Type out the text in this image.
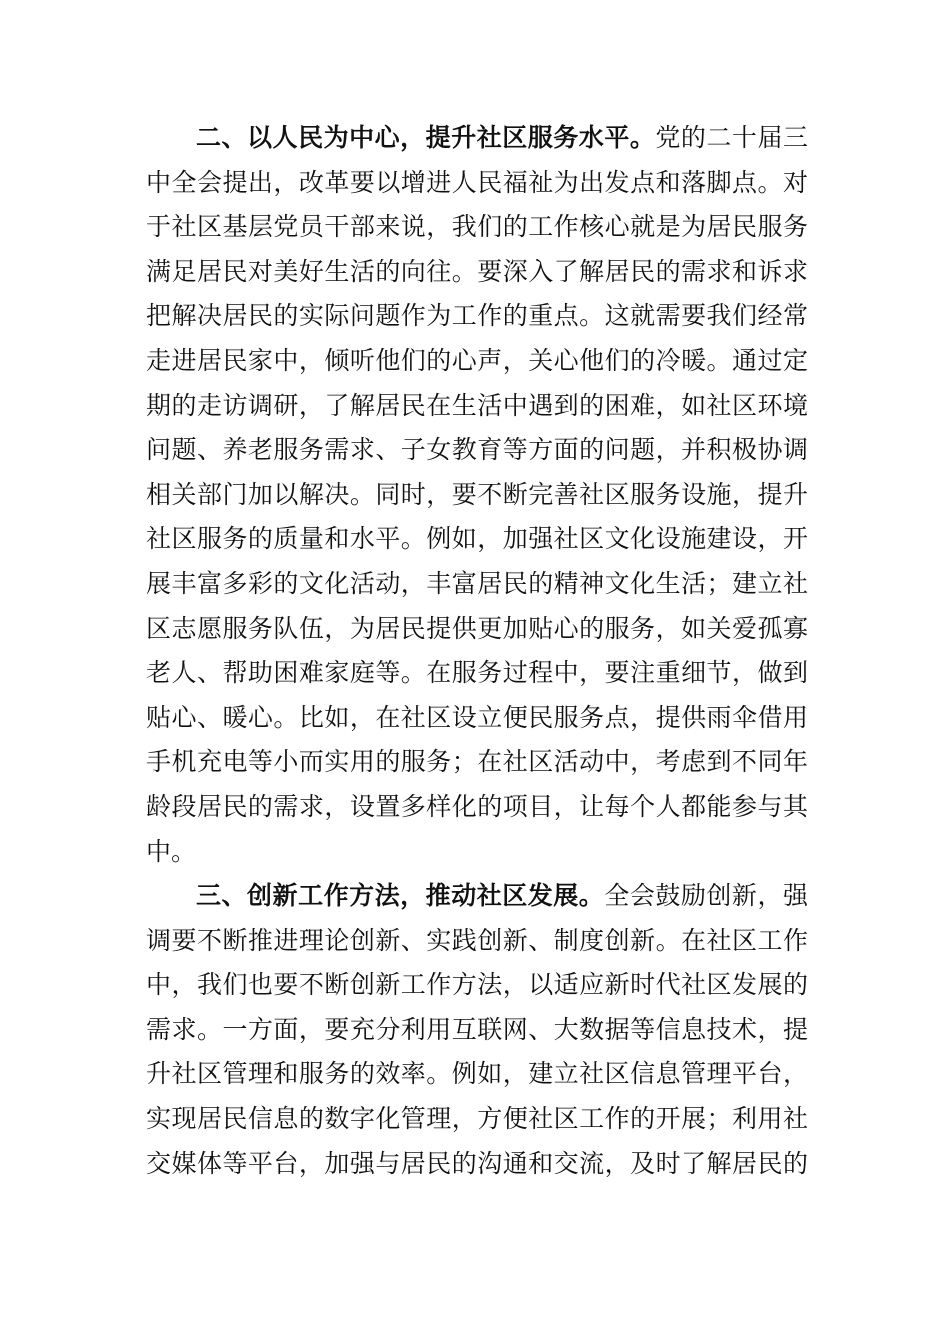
二、以人民为中心，提升社区服务水平。党的二十届三
中全会提出，改革要以增进人民福祉为出发点和落脚点。对
于社区基层党员干部来说，我们的工作核心就是为居民服务
满足居民对美好生活的向往。要深入了解居民的需求和诉求
把解决居民的实际问题作为工作的重点。这就需要我们经常
走进居民家中，倾听他们的心声，关心他们的冷暖。通过定
期的走访调研，了解居民在生活中遇到的困难，如社区环境
问题、养老服务需求、子女教育等方面的问题，并积极协调
相关部门加以解决。同时，要不断完善社区服务设施，提升
社区服务的质量和水平。例如，加强社区文化设施建设，开
展丰富多彩的文化活动，丰富居民的精神文化生活；建立社
区志愿服务队伍，为居民提供更加贴心的服务，如关爱孤寡
老人、帮助困难家庭等。在服务过程中，要注重细节，做到
贴心、暖心。比如，在社区设立便民服务点，提供雨伞借用
手机充电等小而实用的服务；在社区活动中，考虑到不同年
龄段居民的需求，设置多样化的项目，让每个人都能参与其
中。
三、创新工作方法，推动社区发展。全会鼓励创新，强
调要不断推进理论创新、实践创新、制度创新。在社区工作
中，我们也要不断创新工作方法，以适应新时代社区发展的
需求。一方面，要充分利用互联网、大数据等信息技术，提
升社区管理和服务的效率。例如，建立社区信息管理平台，
实现居民信息的数字化管理，方便社区工作的开展；利用社
交媒体等平台，加强与居民的沟通和交流，及时了解居民的
